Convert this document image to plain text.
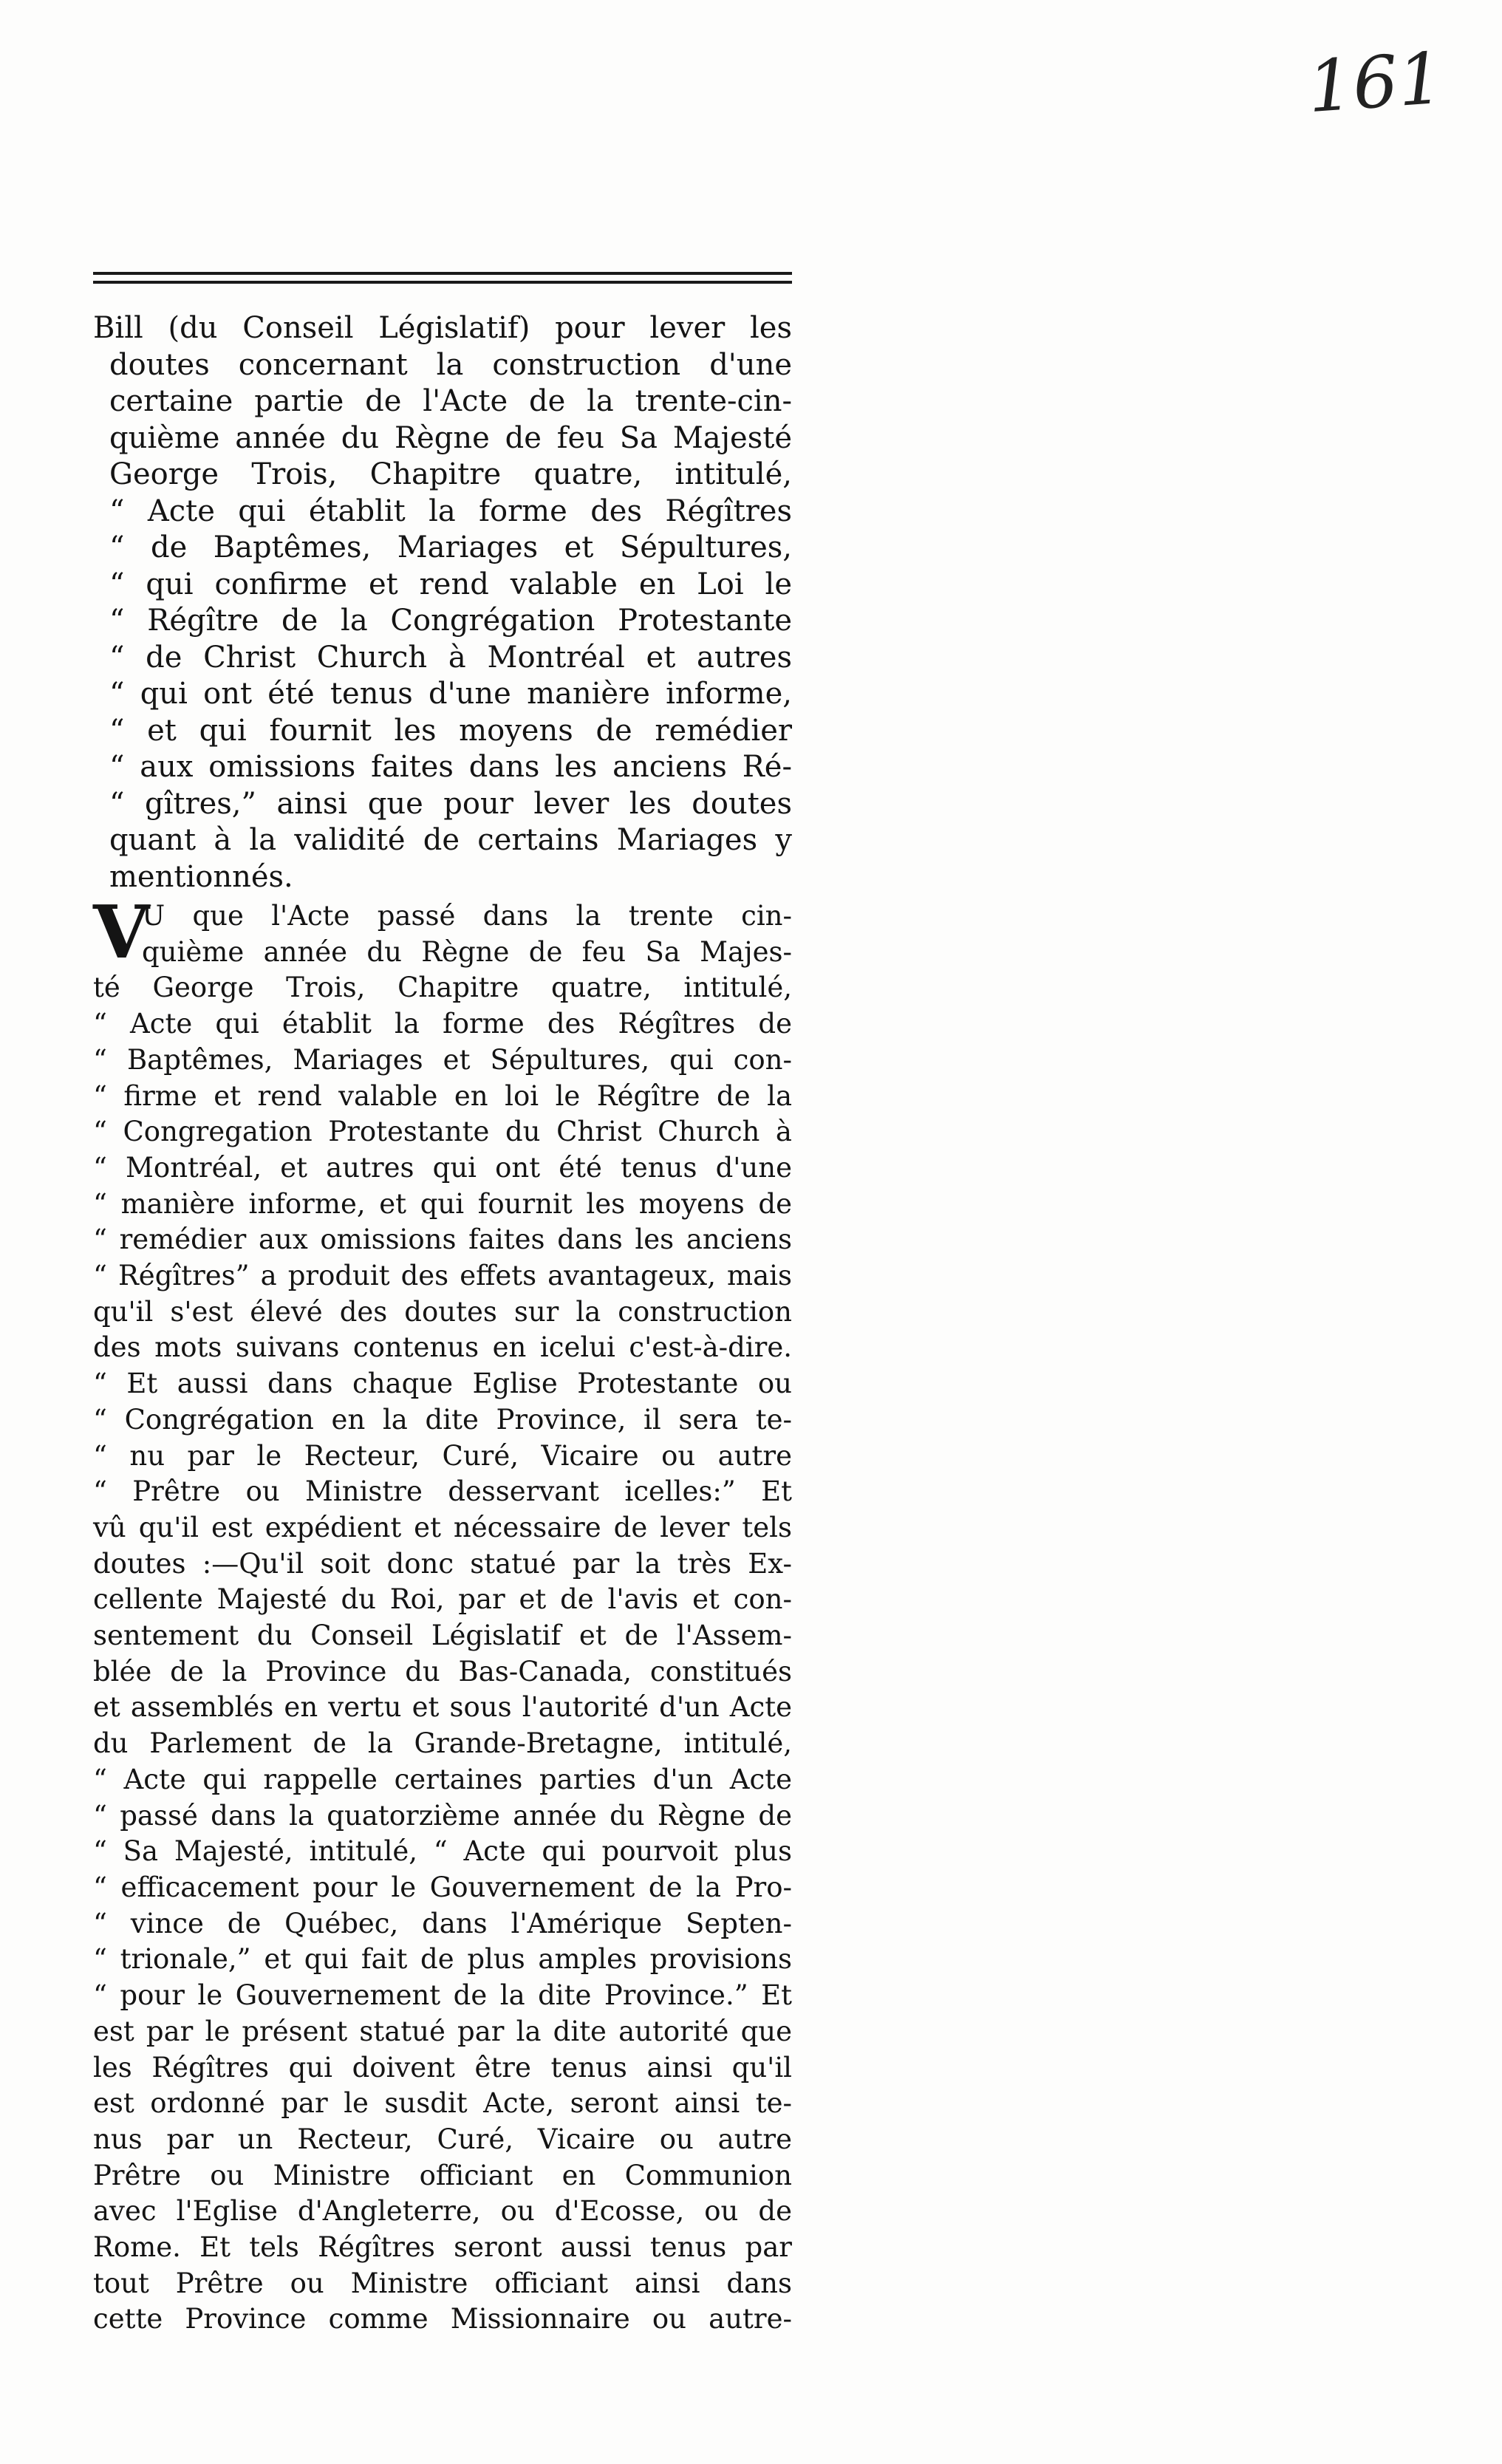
161
Bill (du Conseil Législatif) pour lever les
doutes concernant la construction d'une
certaine partie de l'Acte de la trente-cin-
quième année du Règne de feu Sa Majesté
George Trois, Chapitre quatre, intitulé,
“ Acte qui établit la forme des Régîtres
“ de Baptêmes, Mariages et Sépultures,
“ qui confirme et rend valable en Loi le
“ Régître de la Congrégation Protestante
“ de Christ Church à Montréal et autres
“ qui ont été tenus d'une manière informe,
“ et qui fournit les moyens de remédier
“ aux omissions faites dans les anciens Ré-
“ gîtres,” ainsi que pour lever les doutes
quant à la validité de certains Mariages y
mentionnés.
V
U que l'Acte passé dans la trente cin-
quième année du Règne de feu Sa Majes-
té George Trois, Chapitre quatre, intitulé,
“ Acte qui établit la forme des Régîtres de
“ Baptêmes, Mariages et Sépultures, qui con-
“ firme et rend valable en loi le Régître de la
“ Congregation Protestante du Christ Church à
“ Montréal, et autres qui ont été tenus d'une
“ manière informe, et qui fournit les moyens de
“ remédier aux omissions faites dans les anciens
“ Régîtres” a produit des effets avantageux, mais
qu'il s'est élevé des doutes sur la construction
des mots suivans contenus en icelui c'est-à-dire.
“ Et aussi dans chaque Eglise Protestante ou
“ Congrégation en la dite Province, il sera te-
“ nu par le Recteur, Curé, Vicaire ou autre
“ Prêtre ou Ministre desservant icelles:” Et
vû qu'il est expédient et nécessaire de lever tels
doutes :—Qu'il soit donc statué par la très Ex-
cellente Majesté du Roi, par et de l'avis et con-
sentement du Conseil Législatif et de l'Assem-
blée de la Province du Bas-Canada, constitués
et assemblés en vertu et sous l'autorité d'un Acte
du Parlement de la Grande-Bretagne, intitulé,
“ Acte qui rappelle certaines parties d'un Acte
“ passé dans la quatorzième année du Règne de
“ Sa Majesté, intitulé, “ Acte qui pourvoit plus
“ efficacement pour le Gouvernement de la Pro-
“ vince de Québec, dans l'Amérique Septen-
“ trionale,” et qui fait de plus amples provisions
“ pour le Gouvernement de la dite Province.” Et
est par le présent statué par la dite autorité que
les Régîtres qui doivent être tenus ainsi qu'il
est ordonné par le susdit Acte, seront ainsi te-
nus par un Recteur, Curé, Vicaire ou autre
Prêtre ou Ministre officiant en Communion
avec l'Eglise d'Angleterre, ou d'Ecosse, ou de
Rome. Et tels Régîtres seront aussi tenus par
tout Prêtre ou Ministre officiant ainsi dans
cette Province comme Missionnaire ou autre-
